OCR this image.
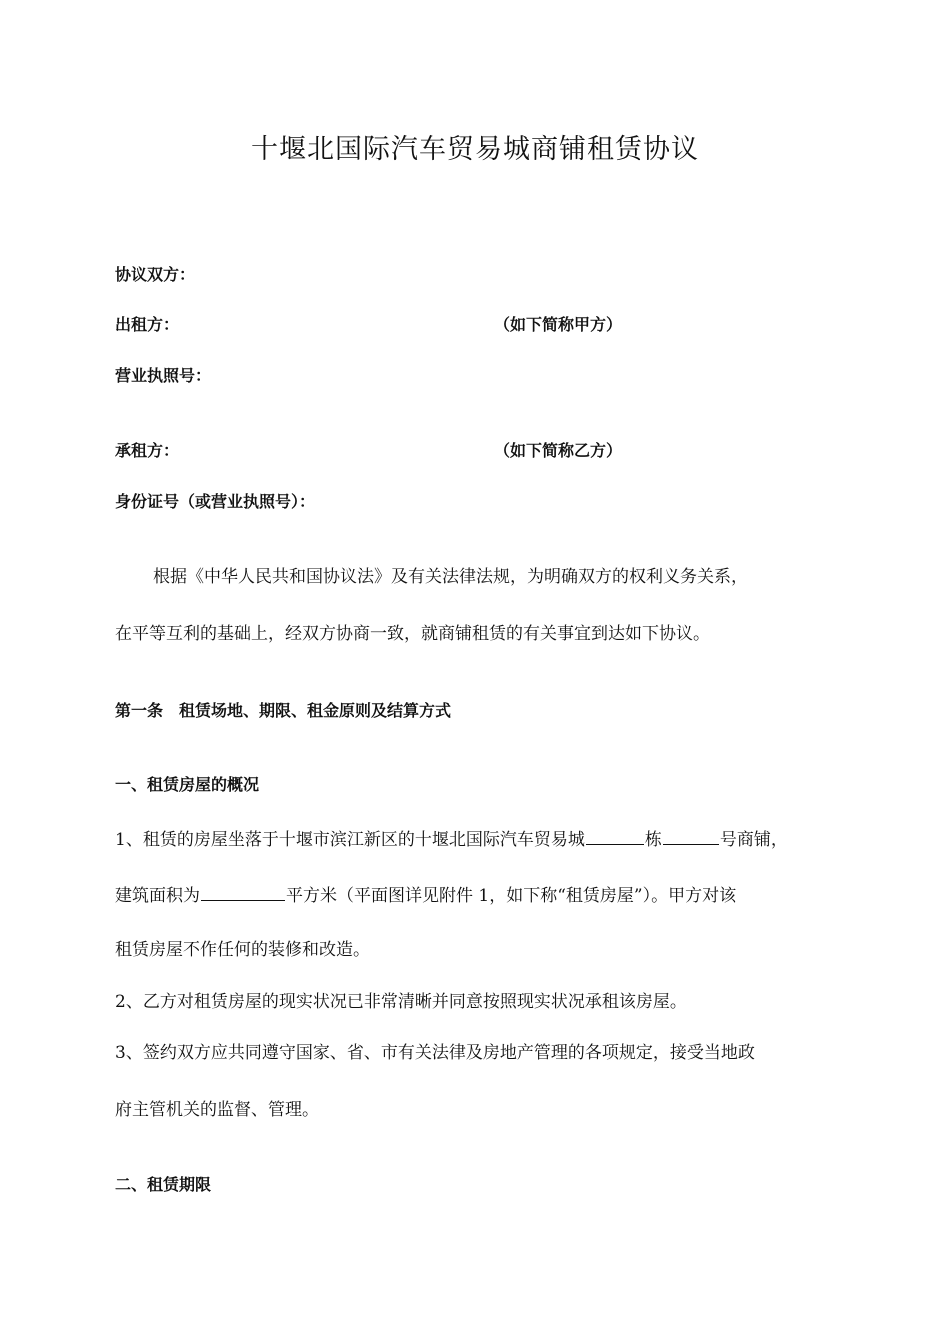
十堰北国际汽车贸易城商铺租赁协议
协议双方：
出租方：	（如下简称甲方）
营业执照号：
承租方：	（如下简称乙方）
身份证号（或营业执照号）：
根据《中华人民共和国协议法》及有关法律法规，为明确双方的权利义务关系，
在平等互利的基础上，经双方协商一致，就商铺租赁的有关事宜到达如下协议。
第一条　租赁场地、期限、租金原则及结算方式
一、租赁房屋的概况
1、租赁的房屋坐落于十堰市滨江新区的十堰北国际汽车贸易城	栋	号商铺，
建筑面积为	平方米（平面图详见附件 1，如下称“租赁房屋”）。甲方对该
租赁房屋不作任何的装修和改造。
2、乙方对租赁房屋的现实状况已非常清晰并同意按照现实状况承租该房屋。
3、签约双方应共同遵守国家、省、市有关法律及房地产管理的各项规定，接受当地政
府主管机关的监督、管理。
二、租赁期限
